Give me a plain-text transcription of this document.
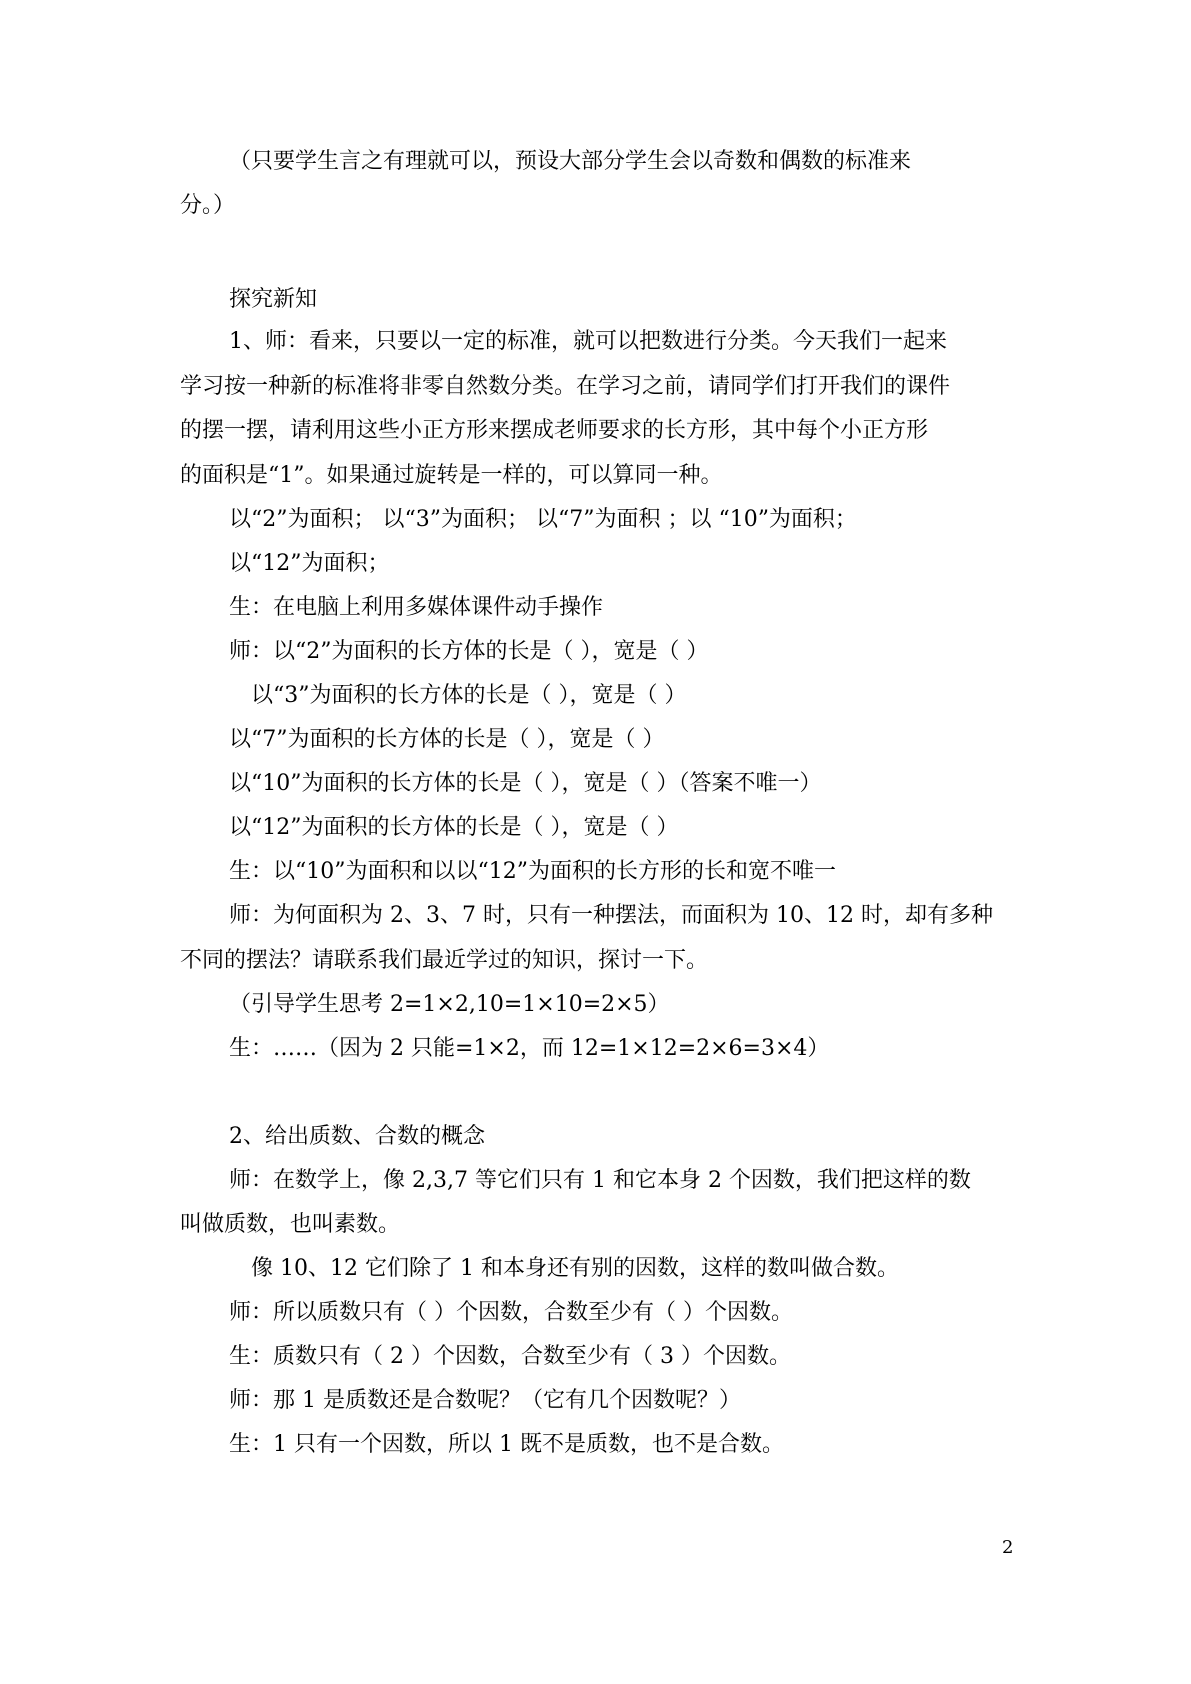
（只要学生言之有理就可以，预设大部分学生会以奇数和偶数的标准来

分。）

探究新知

1、师：看来，只要以一定的标准，就可以把数进行分类。今天我们一起来

学习按一种新的标准将非零自然数分类。在学习之前，请同学们打开我们的课件

的摆一摆，请利用这些小正方形来摆成老师要求的长方形，其中每个小正方形

的面积是“1”。如果通过旋转是一样的，可以算同一种。

以“2”为面积； 以“3”为面积； 以“7”为面积 ；以 “10”为面积；

以“12”为面积；

生：在电脑上利用多媒体课件动手操作

师：以“2”为面积的长方体的长是（ ），宽是（ ）

以“3”为面积的长方体的长是（ ），宽是（ ）

以“7”为面积的长方体的长是（ ），宽是（ ）

以“10”为面积的长方体的长是（ ），宽是（ ）（答案不唯一）

以“12”为面积的长方体的长是（ ），宽是（ ）

生：以“10”为面积和以以“12”为面积的长方形的长和宽不唯一

师：为何面积为 2、3、7 时，只有一种摆法，而面积为 10、12 时，却有多种

不同的摆法？请联系我们最近学过的知识，探讨一下。

（引导学生思考 2=1×2,10=1×10=2×5）

生：……（因为 2 只能=1×2，而 12=1×12=2×6=3×4）

2、给出质数、合数的概念

师：在数学上，像 2,3,7 等它们只有 1 和它本身 2 个因数，我们把这样的数

叫做质数，也叫素数。

像 10、12 它们除了 1 和本身还有别的因数，这样的数叫做合数。

师：所以质数只有（ ）个因数，合数至少有（ ）个因数。

生：质数只有（ 2 ）个因数，合数至少有（ 3 ）个因数。

师：那 1 是质数还是合数呢？（它有几个因数呢？）

生：1 只有一个因数，所以 1 既不是质数，也不是合数。

2
